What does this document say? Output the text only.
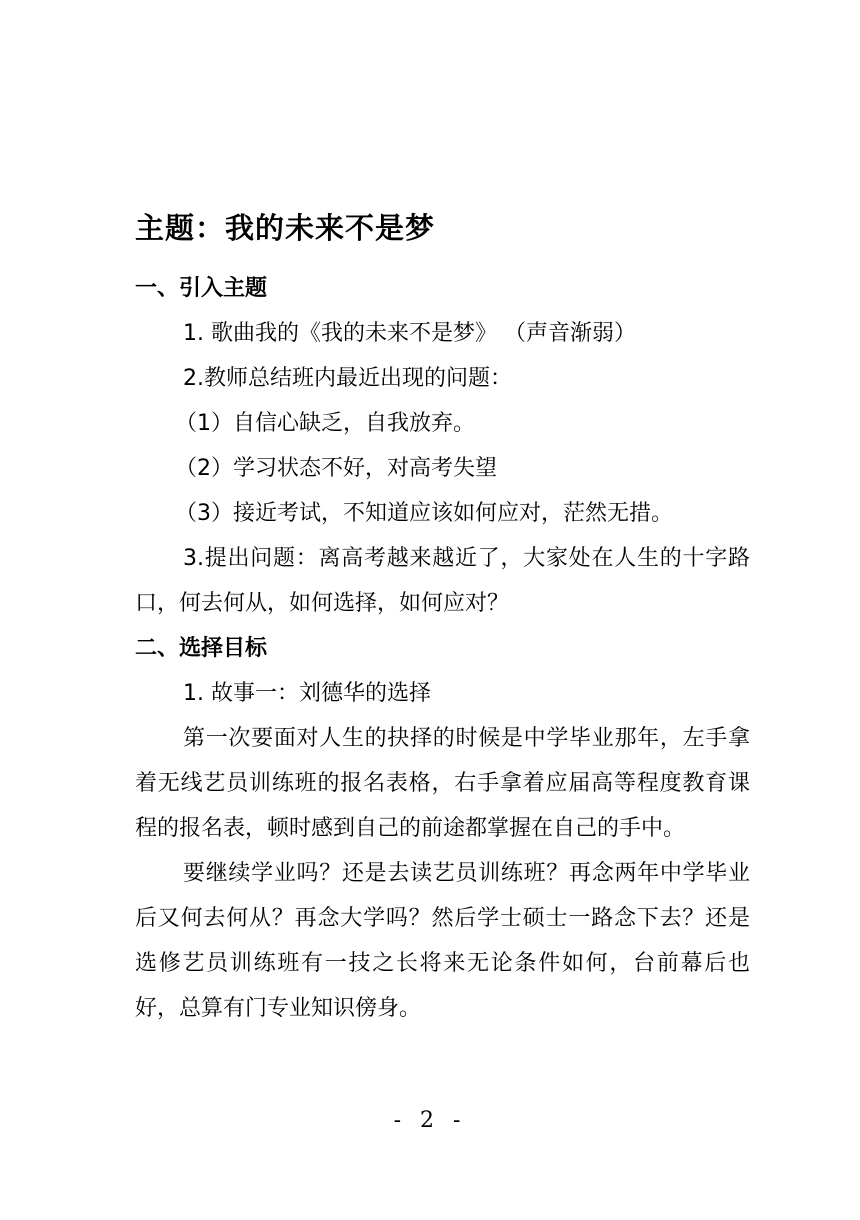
主题：我的未来不是梦
一、引入主题
1. 歌曲我的《我的未来不是梦》 （声音渐弱）
2.教师总结班内最近出现的问题：
（1）自信心缺乏，自我放弃。
（2）学习状态不好，对高考失望
（3）接近考试，不知道应该如何应对，茫然无措。
3.提出问题：离高考越来越近了，大家处在人生的十字路口，何去何从，如何选择，如何应对？
二、选择目标
1. 故事一：刘德华的选择
第一次要面对人生的抉择的时候是中学毕业那年，左手拿着无线艺员训练班的报名表格，右手拿着应届高等程度教育课程的报名表，顿时感到自己的前途都掌握在自己的手中。
要继续学业吗？还是去读艺员训练班？再念两年中学毕业后又何去何从？再念大学吗？然后学士硕士一路念下去？还是选修艺员训练班有一技之长将来无论条件如何，台前幕后也好，总算有门专业知识傍身。
- 2 -
